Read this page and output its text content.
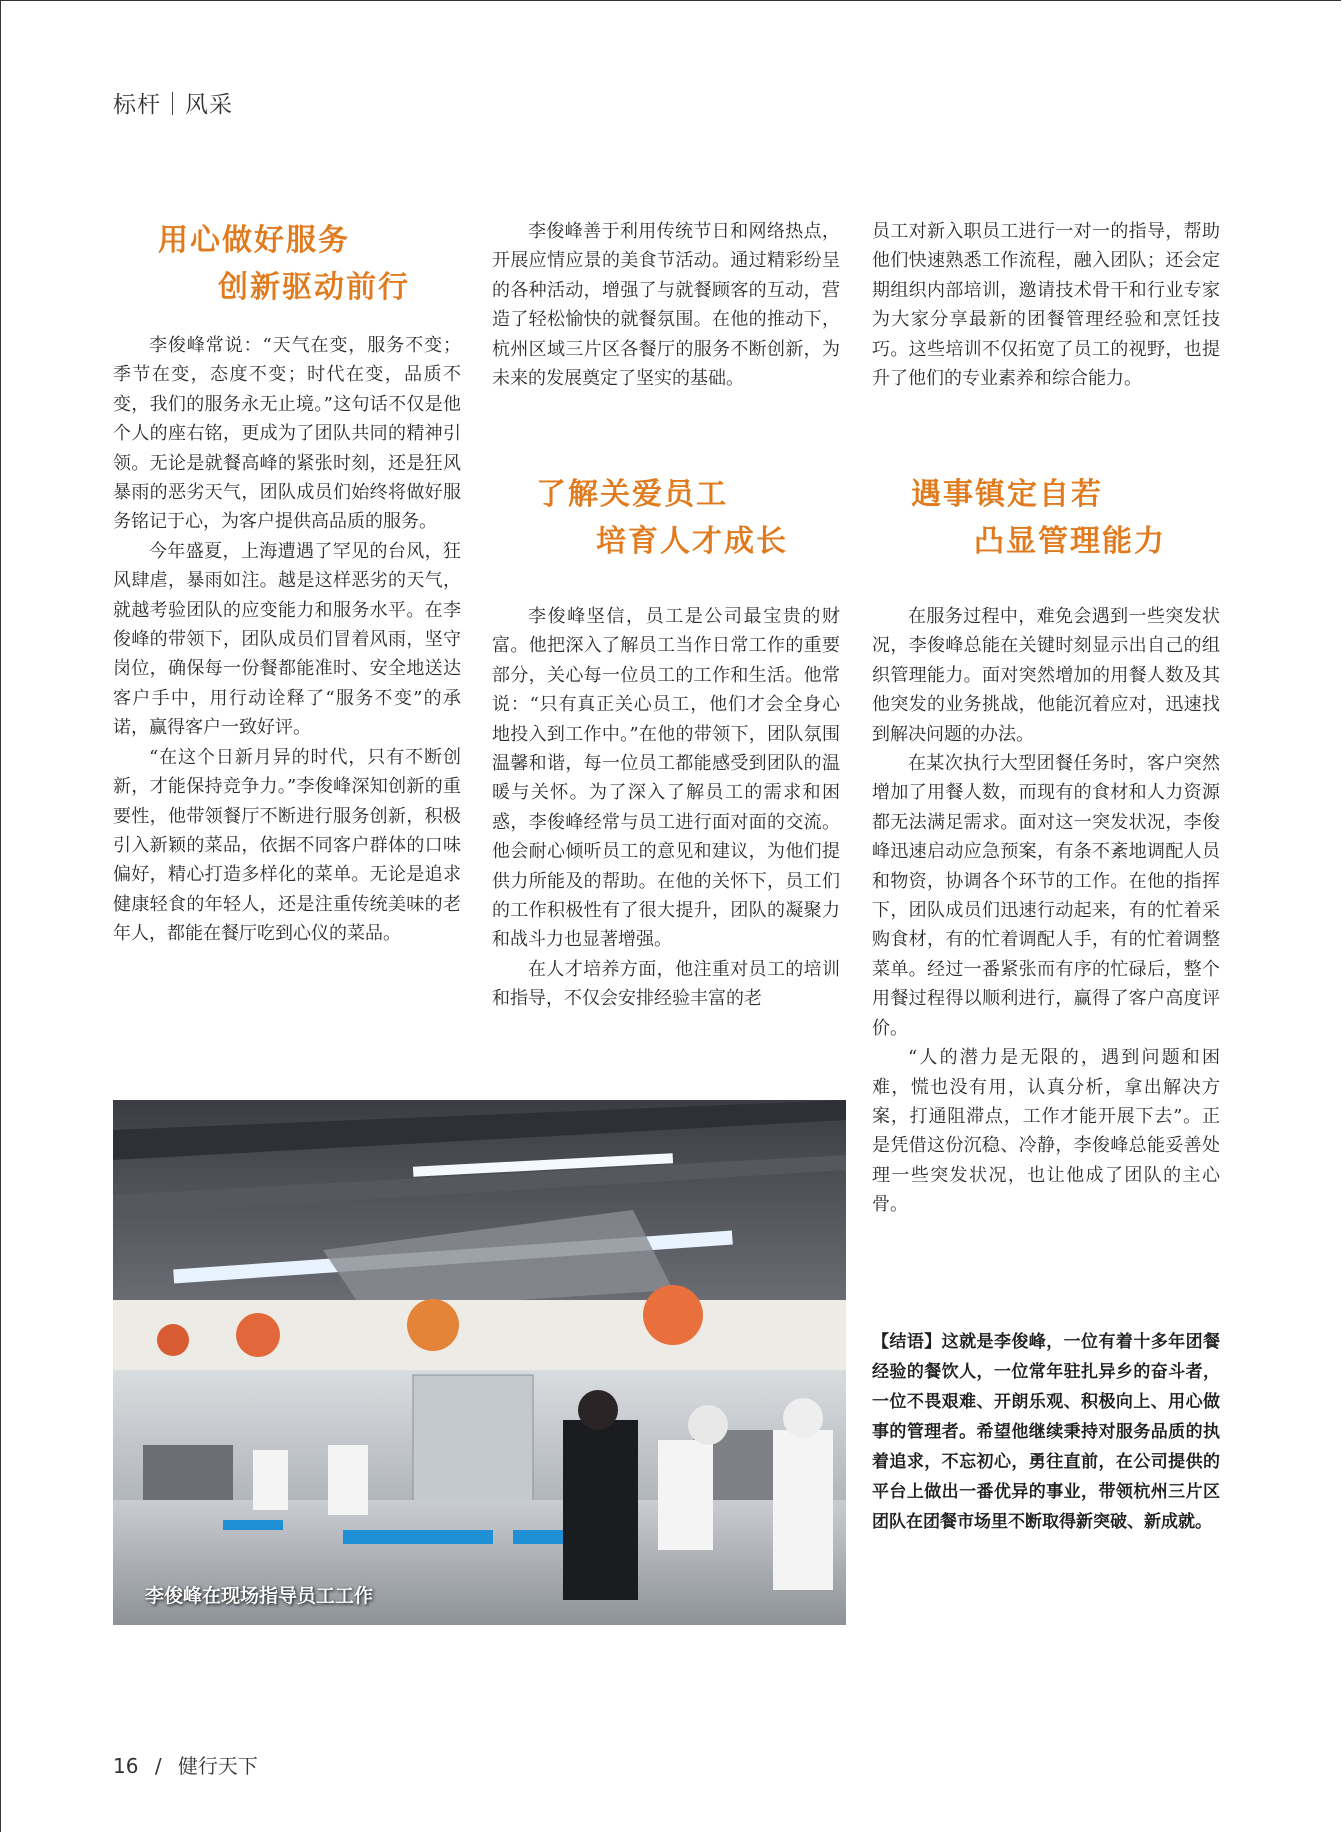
标杆｜风采
用心做好服务
创新驱动前行

李俊峰常说：“天气在变，服务不变；季节在变，态度不变；时代在变，品质不变，我们的服务永无止境。”这句话不仅是他个人的座右铭，更成为了团队共同的精神引领。无论是就餐高峰的紧张时刻，还是狂风暴雨的恶劣天气，团队成员们始终将做好服务铭记于心，为客户提供高品质的服务。

今年盛夏，上海遭遇了罕见的台风，狂风肆虐，暴雨如注。越是这样恶劣的天气，就越考验团队的应变能力和服务水平。在李俊峰的带领下，团队成员们冒着风雨，坚守岗位，确保每一份餐都能准时、安全地送达客户手中，用行动诠释了“服务不变”的承诺，赢得客户一致好评。

“在这个日新月异的时代，只有不断创新，才能保持竞争力。”李俊峰深知创新的重要性，他带领餐厅不断进行服务创新，积极引入新颖的菜品，依据不同客户群体的口味偏好，精心打造多样化的菜单。无论是追求健康轻食的年轻人，还是注重传统美味的老年人，都能在餐厅吃到心仪的菜品。

李俊峰善于利用传统节日和网络热点，开展应情应景的美食节活动。通过精彩纷呈的各种活动，增强了与就餐顾客的互动，营造了轻松愉快的就餐氛围。在他的推动下，杭州区域三片区各餐厅的服务不断创新，为未来的发展奠定了坚实的基础。

了解关爱员工
培育人才成长

李俊峰坚信，员工是公司最宝贵的财富。他把深入了解员工当作日常工作的重要部分，关心每一位员工的工作和生活。他常说：“只有真正关心员工，他们才会全身心地投入到工作中。”在他的带领下，团队氛围温馨和谐，每一位员工都能感受到团队的温暖与关怀。为了深入了解员工的需求和困惑，李俊峰经常与员工进行面对面的交流。他会耐心倾听员工的意见和建议，为他们提供力所能及的帮助。在他的关怀下，员工们的工作积极性有了很大提升，团队的凝聚力和战斗力也显著增强。

在人才培养方面，他注重对员工的培训和指导，不仅会安排经验丰富的老

员工对新入职员工进行一对一的指导，帮助他们快速熟悉工作流程，融入团队；还会定期组织内部培训，邀请技术骨干和行业专家为大家分享最新的团餐管理经验和烹饪技巧。这些培训不仅拓宽了员工的视野，也提升了他们的专业素养和综合能力。

遇事镇定自若
凸显管理能力

在服务过程中，难免会遇到一些突发状况，李俊峰总能在关键时刻显示出自己的组织管理能力。面对突然增加的用餐人数及其他突发的业务挑战，他能沉着应对，迅速找到解决问题的办法。

在某次执行大型团餐任务时，客户突然增加了用餐人数，而现有的食材和人力资源都无法满足需求。面对这一突发状况，李俊峰迅速启动应急预案，有条不紊地调配人员和物资，协调各个环节的工作。在他的指挥下，团队成员们迅速行动起来，有的忙着采购食材，有的忙着调配人手，有的忙着调整菜单。经过一番紧张而有序的忙碌后，整个用餐过程得以顺利进行，赢得了客户高度评价。

“人的潜力是无限的，遇到问题和困难，慌也没有用，认真分析，拿出解决方案，打通阻滞点，工作才能开展下去”。正是凭借这份沉稳、冷静，李俊峰总能妥善处理一些突发状况，也让他成了团队的主心骨。

【结语】这就是李俊峰，一位有着十多年团餐经验的餐饮人，一位常年驻扎异乡的奋斗者，一位不畏艰难、开朗乐观、积极向上、用心做事的管理者。希望他继续秉持对服务品质的执着追求，不忘初心，勇往直前，在公司提供的平台上做出一番优异的事业，带领杭州三片区团队在团餐市场里不断取得新突破、新成就。
李俊峰在现场指导员工工作
16 / 健行天下
